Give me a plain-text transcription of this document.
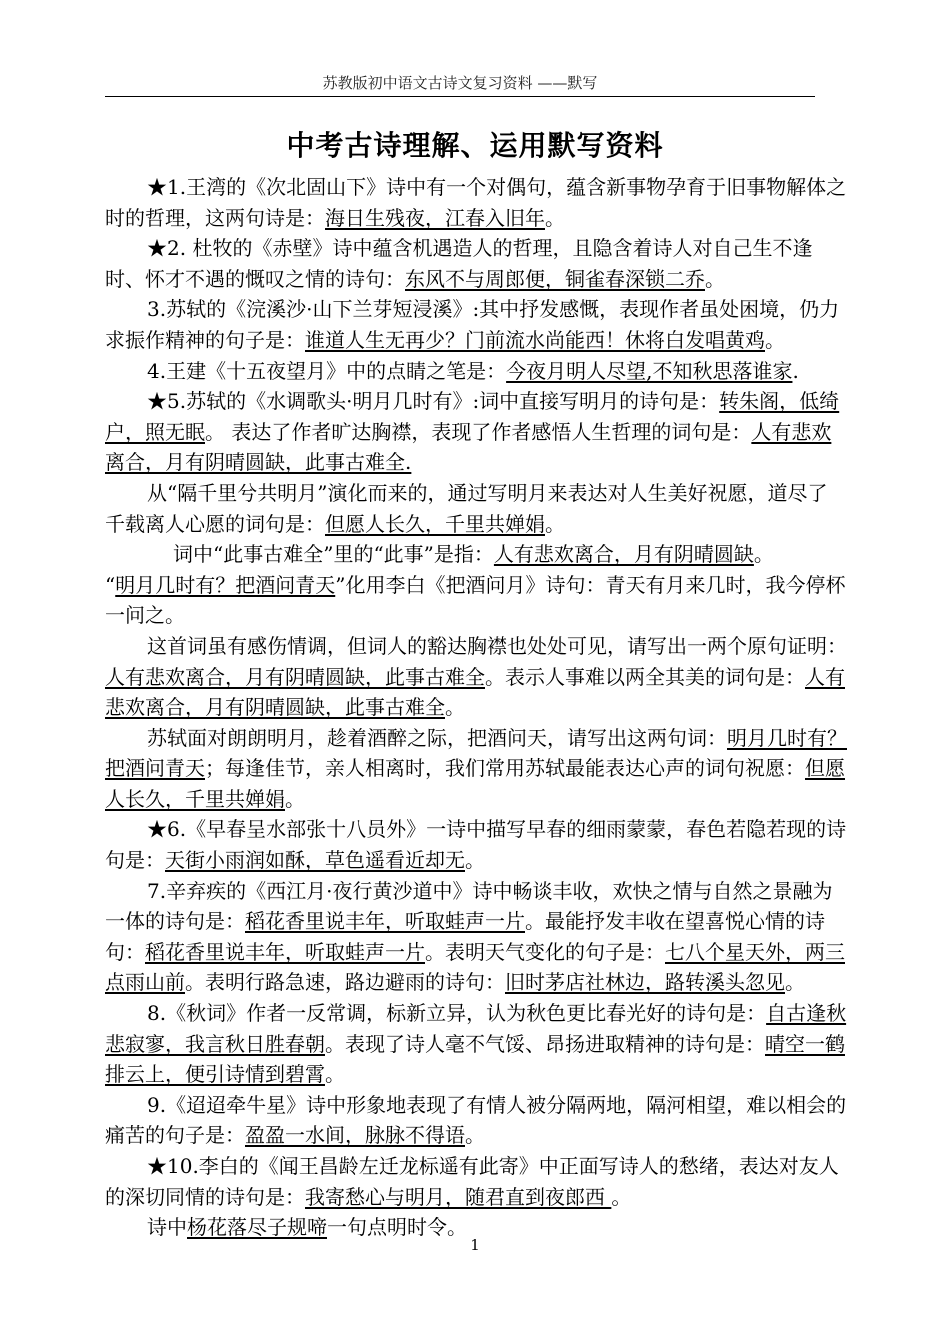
苏教版初中语文古诗文复习资料 ——默写
中考古诗理解、运用默写资料

★1.王湾的《次北固山下》诗中有一个对偶句，蕴含新事物孕育于旧事物解体之时的哲理，这两句诗是：海日生残夜，江春入旧年。

★2. 杜牧的《赤壁》诗中蕴含机遇造人的哲理，且隐含着诗人对自己生不逢时、怀才不遇的慨叹之情的诗句：东风不与周郎便，铜雀春深锁二乔。

3.苏轼的《浣溪沙·山下兰芽短浸溪》:其中抒发感慨，表现作者虽处困境，仍力求振作精神的句子是：谁道人生无再少？门前流水尚能西！休将白发唱黄鸡。

4.王建《十五夜望月》中的点睛之笔是：今夜月明人尽望,不知秋思落谁家.

★5.苏轼的《水调歌头·明月几时有》:词中直接写明月的诗句是：转朱阁，低绮户，照无眠。 表达了作者旷达胸襟，表现了作者感悟人生哲理的词句是：人有悲欢离合，月有阴晴圆缺，此事古难全.

从“隔千里兮共明月”演化而来的，通过写明月来表达对人生美好祝愿，道尽了千载离人心愿的词句是：但愿人长久，千里共婵娟。

词中“此事古难全”里的“此事”是指：人有悲欢离合，月有阴晴圆缺。

“明月几时有？把酒问青天”化用李白《把酒问月》诗句：青天有月来几时，我今停杯一问之。

这首词虽有感伤情调，但词人的豁达胸襟也处处可见，请写出一两个原句证明：人有悲欢离合，月有阴晴圆缺，此事古难全。表示人事难以两全其美的词句是：人有悲欢离合，月有阴晴圆缺，此事古难全。

苏轼面对朗朗明月，趁着酒醉之际，把酒问天，请写出这两句词：明月几时有？把酒问青天；每逢佳节，亲人相离时，我们常用苏轼最能表达心声的词句祝愿：但愿人长久，千里共婵娟。

★6.《早春呈水部张十八员外》一诗中描写早春的细雨蒙蒙，春色若隐若现的诗句是：天街小雨润如酥，草色遥看近却无。

7.辛弃疾的《西江月·夜行黄沙道中》诗中畅谈丰收，欢快之情与自然之景融为一体的诗句是：稻花香里说丰年，听取蛙声一片。最能抒发丰收在望喜悦心情的诗句：稻花香里说丰年，听取蛙声一片。表明天气变化的句子是：七八个星天外，两三点雨山前。表明行路急速，路边避雨的诗句：旧时茅店社林边，路转溪头忽见。

8.《秋词》作者一反常调，标新立异，认为秋色更比春光好的诗句是：自古逢秋悲寂寥，我言秋日胜春朝。表现了诗人毫不气馁、昂扬进取精神的诗句是：晴空一鹤排云上，便引诗情到碧霄。

9.《迢迢牵牛星》诗中形象地表现了有情人被分隔两地，隔河相望，难以相会的痛苦的句子是：盈盈一水间，脉脉不得语。

★10.李白的《闻王昌龄左迁龙标遥有此寄》中正面写诗人的愁绪，表达对友人的深切同情的诗句是：我寄愁心与明月，随君直到夜郎西 。

诗中杨花落尽子规啼一句点明时令。

1
